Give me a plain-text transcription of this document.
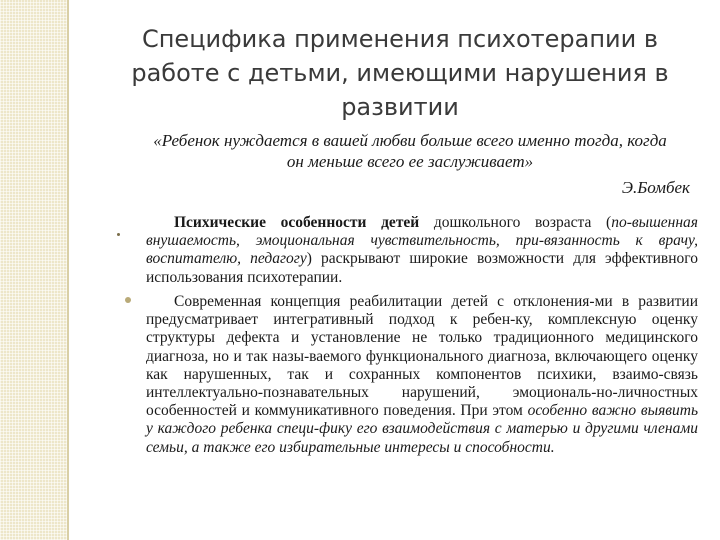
Специфика применения психотерапии в работе с детьми, имеющими нарушения в развитии
«Ребенок нуждается в вашей любви больше всего именно тогда, когда он меньше всего ее заслуживает»
Э.Бомбек
Психические особенности детей дошкольного возраста (по-вышенная внушаемость, эмоциональная чувствительность, при-вязанность к врачу, воспитателю, педагогу) раскрывают широкие возможности для эффективного использования психотерапии.
Современная концепция реабилитации детей с отклонения-ми в развитии предусматривает интегративный подход к ребен-ку, комплексную оценку структуры дефекта и установление не только традиционного медицинского диагноза, но и так назы-ваемого функционального диагноза, включающего оценку как нарушенных, так и сохранных компонентов психики, взаимо-связь интеллектуально-познавательных нарушений, эмоциональ-но-личностных особенностей и коммуникативного поведения. При этом особенно важно выявить у каждого ребенка специ-фику его взаимодействия с матерью и другими членами семьи, а также его избирательные интересы и способности.
